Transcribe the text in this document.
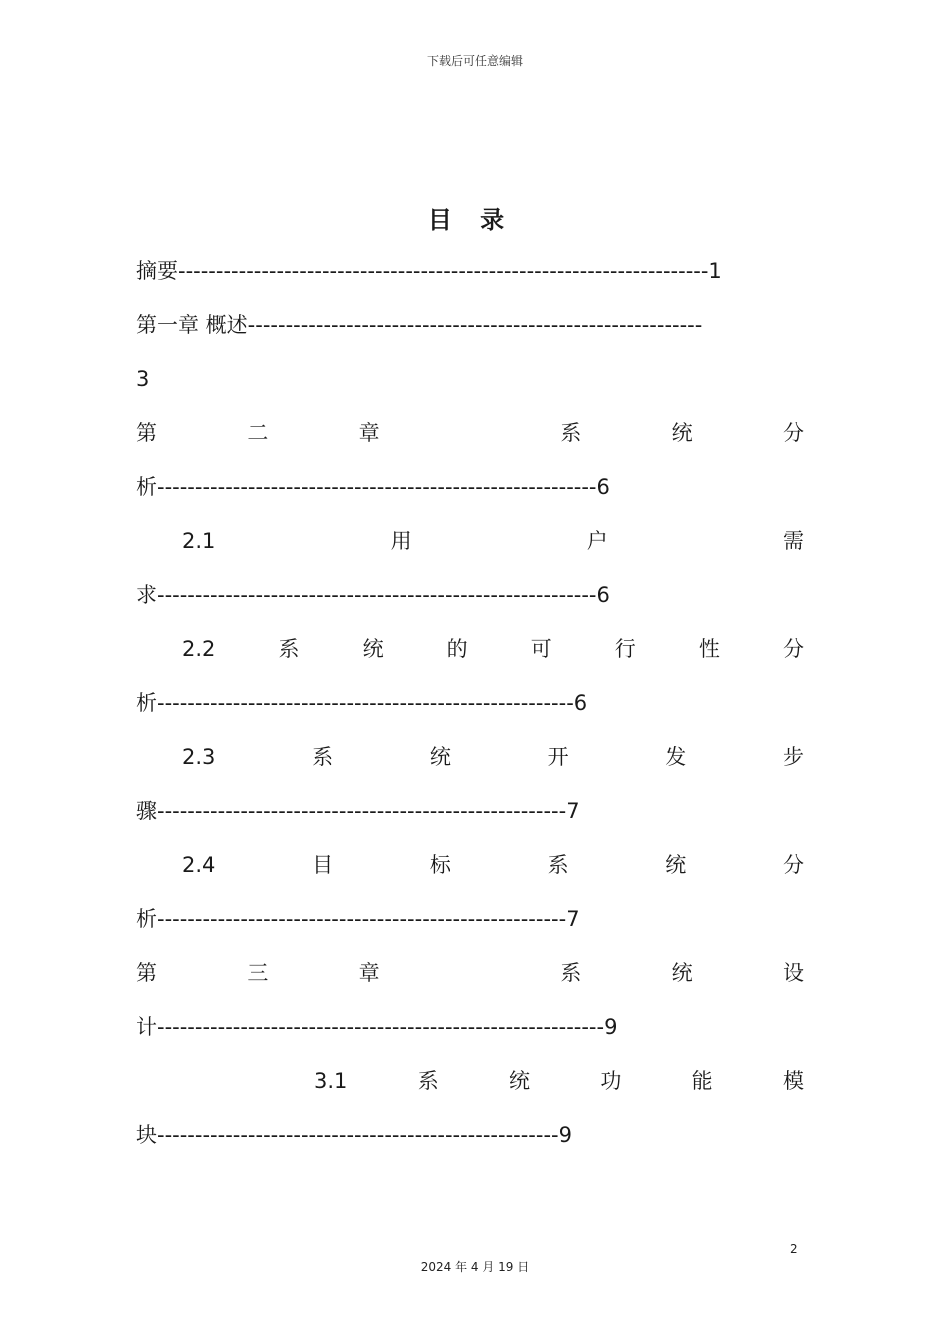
下载后可任意编辑
目 录
摘要----------------------------------------------------------------------1
第一章 概述------------------------------------------------------------
3
第	二	章	系	统	分
析----------------------------------------------------------6
2.1	用	户	需
求----------------------------------------------------------6
2.2	系	统	的	可	行	性	分
析-------------------------------------------------------6
2.3	系	统	开	发	步
骤------------------------------------------------------7
2.4	目	标	系	统	分
析------------------------------------------------------7
第	三	章	系	统	设
计-----------------------------------------------------------9
3.1	系	统	功	能	模
块-----------------------------------------------------9
2
2024 年 4 月 19 日
